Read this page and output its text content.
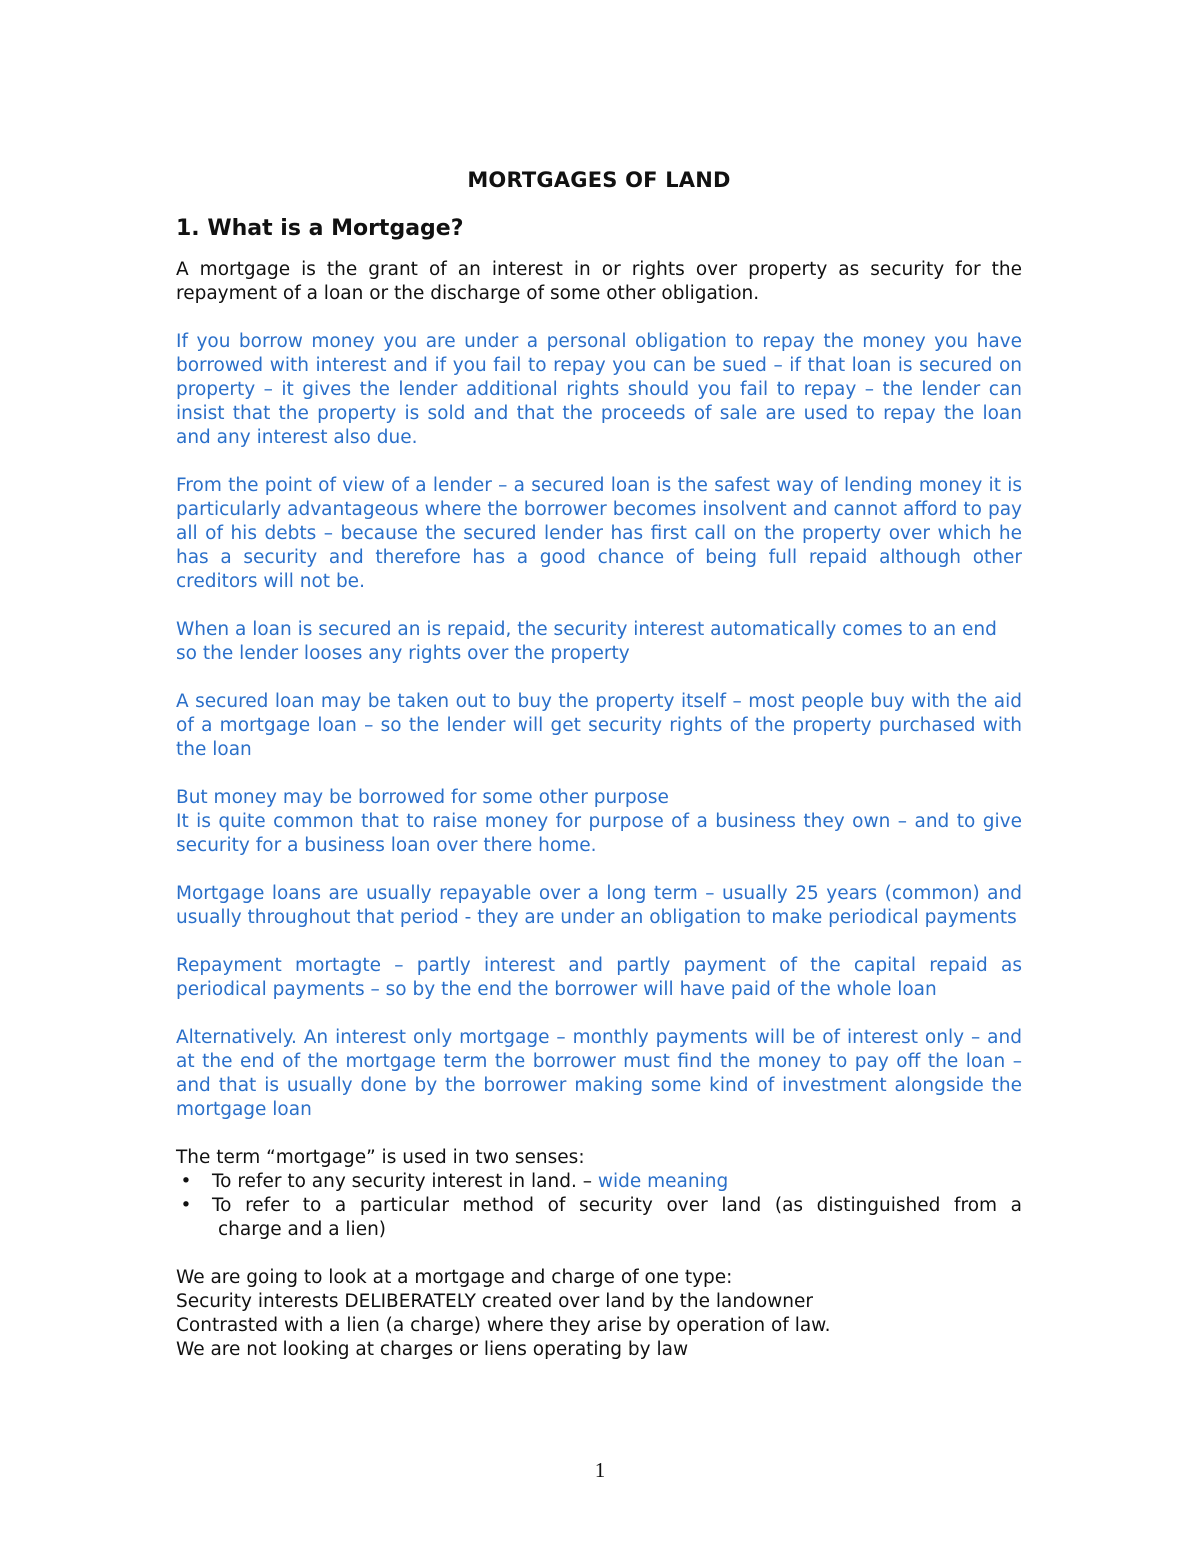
MORTGAGES OF LAND
1. What is a Mortgage?

A mortgage is the grant of an interest in or rights over property as security for the repayment of a loan or the discharge of some other obligation.

If you borrow money you are under a personal obligation to repay the money you have borrowed with interest and if you fail to repay you can be sued – if that loan is secured on property – it gives the lender additional rights should you fail to repay – the lender can insist that the property is sold and that the proceeds of sale are used to repay the loan and any interest also due.

From the point of view of a lender – a secured loan is the safest way of lending money it is particularly advantageous where the borrower becomes insolvent and cannot afford to pay all of his debts – because the secured lender has first call on the property over which he has a security and therefore has a good chance of being full repaid although other creditors will not be.

When a loan is secured an is repaid, the security interest automatically comes to an end so the lender looses any rights over the property

A secured loan may be taken out to buy the property itself – most people buy with the aid of a mortgage loan – so the lender will get security rights of the property purchased with the loan

But money may be borrowed for some other purpose
It is quite common that to raise money for purpose of a business they own – and to give security for a business loan over there home.

Mortgage loans are usually repayable over a long term – usually 25 years (common) and usually throughout that period - they are under an obligation to make periodical payments

Repayment mortagte – partly interest and partly payment of the capital repaid as periodical payments – so by the end the borrower will have paid of the whole loan

Alternatively. An interest only mortgage – monthly payments will be of interest only – and at the end of the mortgage term the borrower must find the money to pay off the loan – and that is usually done by the borrower making some kind of investment alongside the mortgage loan

The term “mortgage” is used in two senses:

• To refer to any security interest in land. – wide meaning
• To refer to a particular method of security over land (as distinguished from a
charge and a lien)

We are going to look at a mortgage and charge of one type:
Security interests DELIBERATELY created over land by the landowner
Contrasted with a lien (a charge) where they arise by operation of law.
We are not looking at charges or liens operating by law

1
